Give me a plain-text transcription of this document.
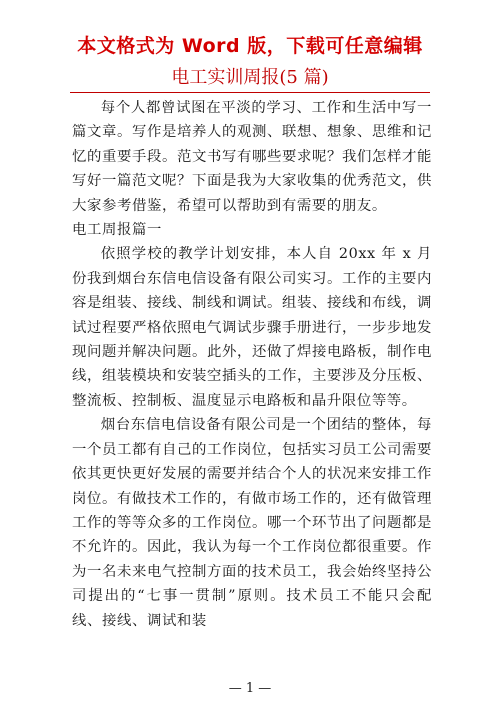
本文格式为 Word 版，下载可任意编辑
电工实训周报(5 篇)

每个人都曾试图在平淡的学习、工作和生活中写一篇文章。写作是培养人的观测、联想、想象、思维和记忆的重要手段。范文书写有哪些要求呢？我们怎样才能写好一篇范文呢？下面是我为大家收集的优秀范文，供大家参考借鉴，希望可以帮助到有需要的朋友。

电工周报篇一

依照学校的教学计划安排，本人自 20xx 年 x 月份我到烟台东信电信设备有限公司实习。工作的主要内容是组装、接线、制线和调试。组装、接线和布线，调试过程要严格依照电气调试步骤手册进行，一步步地发现问题并解决问题。此外，还做了焊接电路板，制作电线，组装模块和安装空插头的工作，主要涉及分压板、整流板、控制板、温度显示电路板和晶升限位等等。

烟台东信电信设备有限公司是一个团结的整体，每一个员工都有自己的工作岗位，包括实习员工公司需要依其更快更好发展的需要并结合个人的状况来安排工作岗位。有做技术工作的，有做市场工作的，还有做管理工作的等等众多的工作岗位。哪一个环节出了问题都是不允许的。因此，我认为每一个工作岗位都很重要。作为一名未来电气控制方面的技术员工，我会始终坚持公司提出的“七事一贯制”原则。技术员工不能只会配线、接线、调试和装

— 1 —
